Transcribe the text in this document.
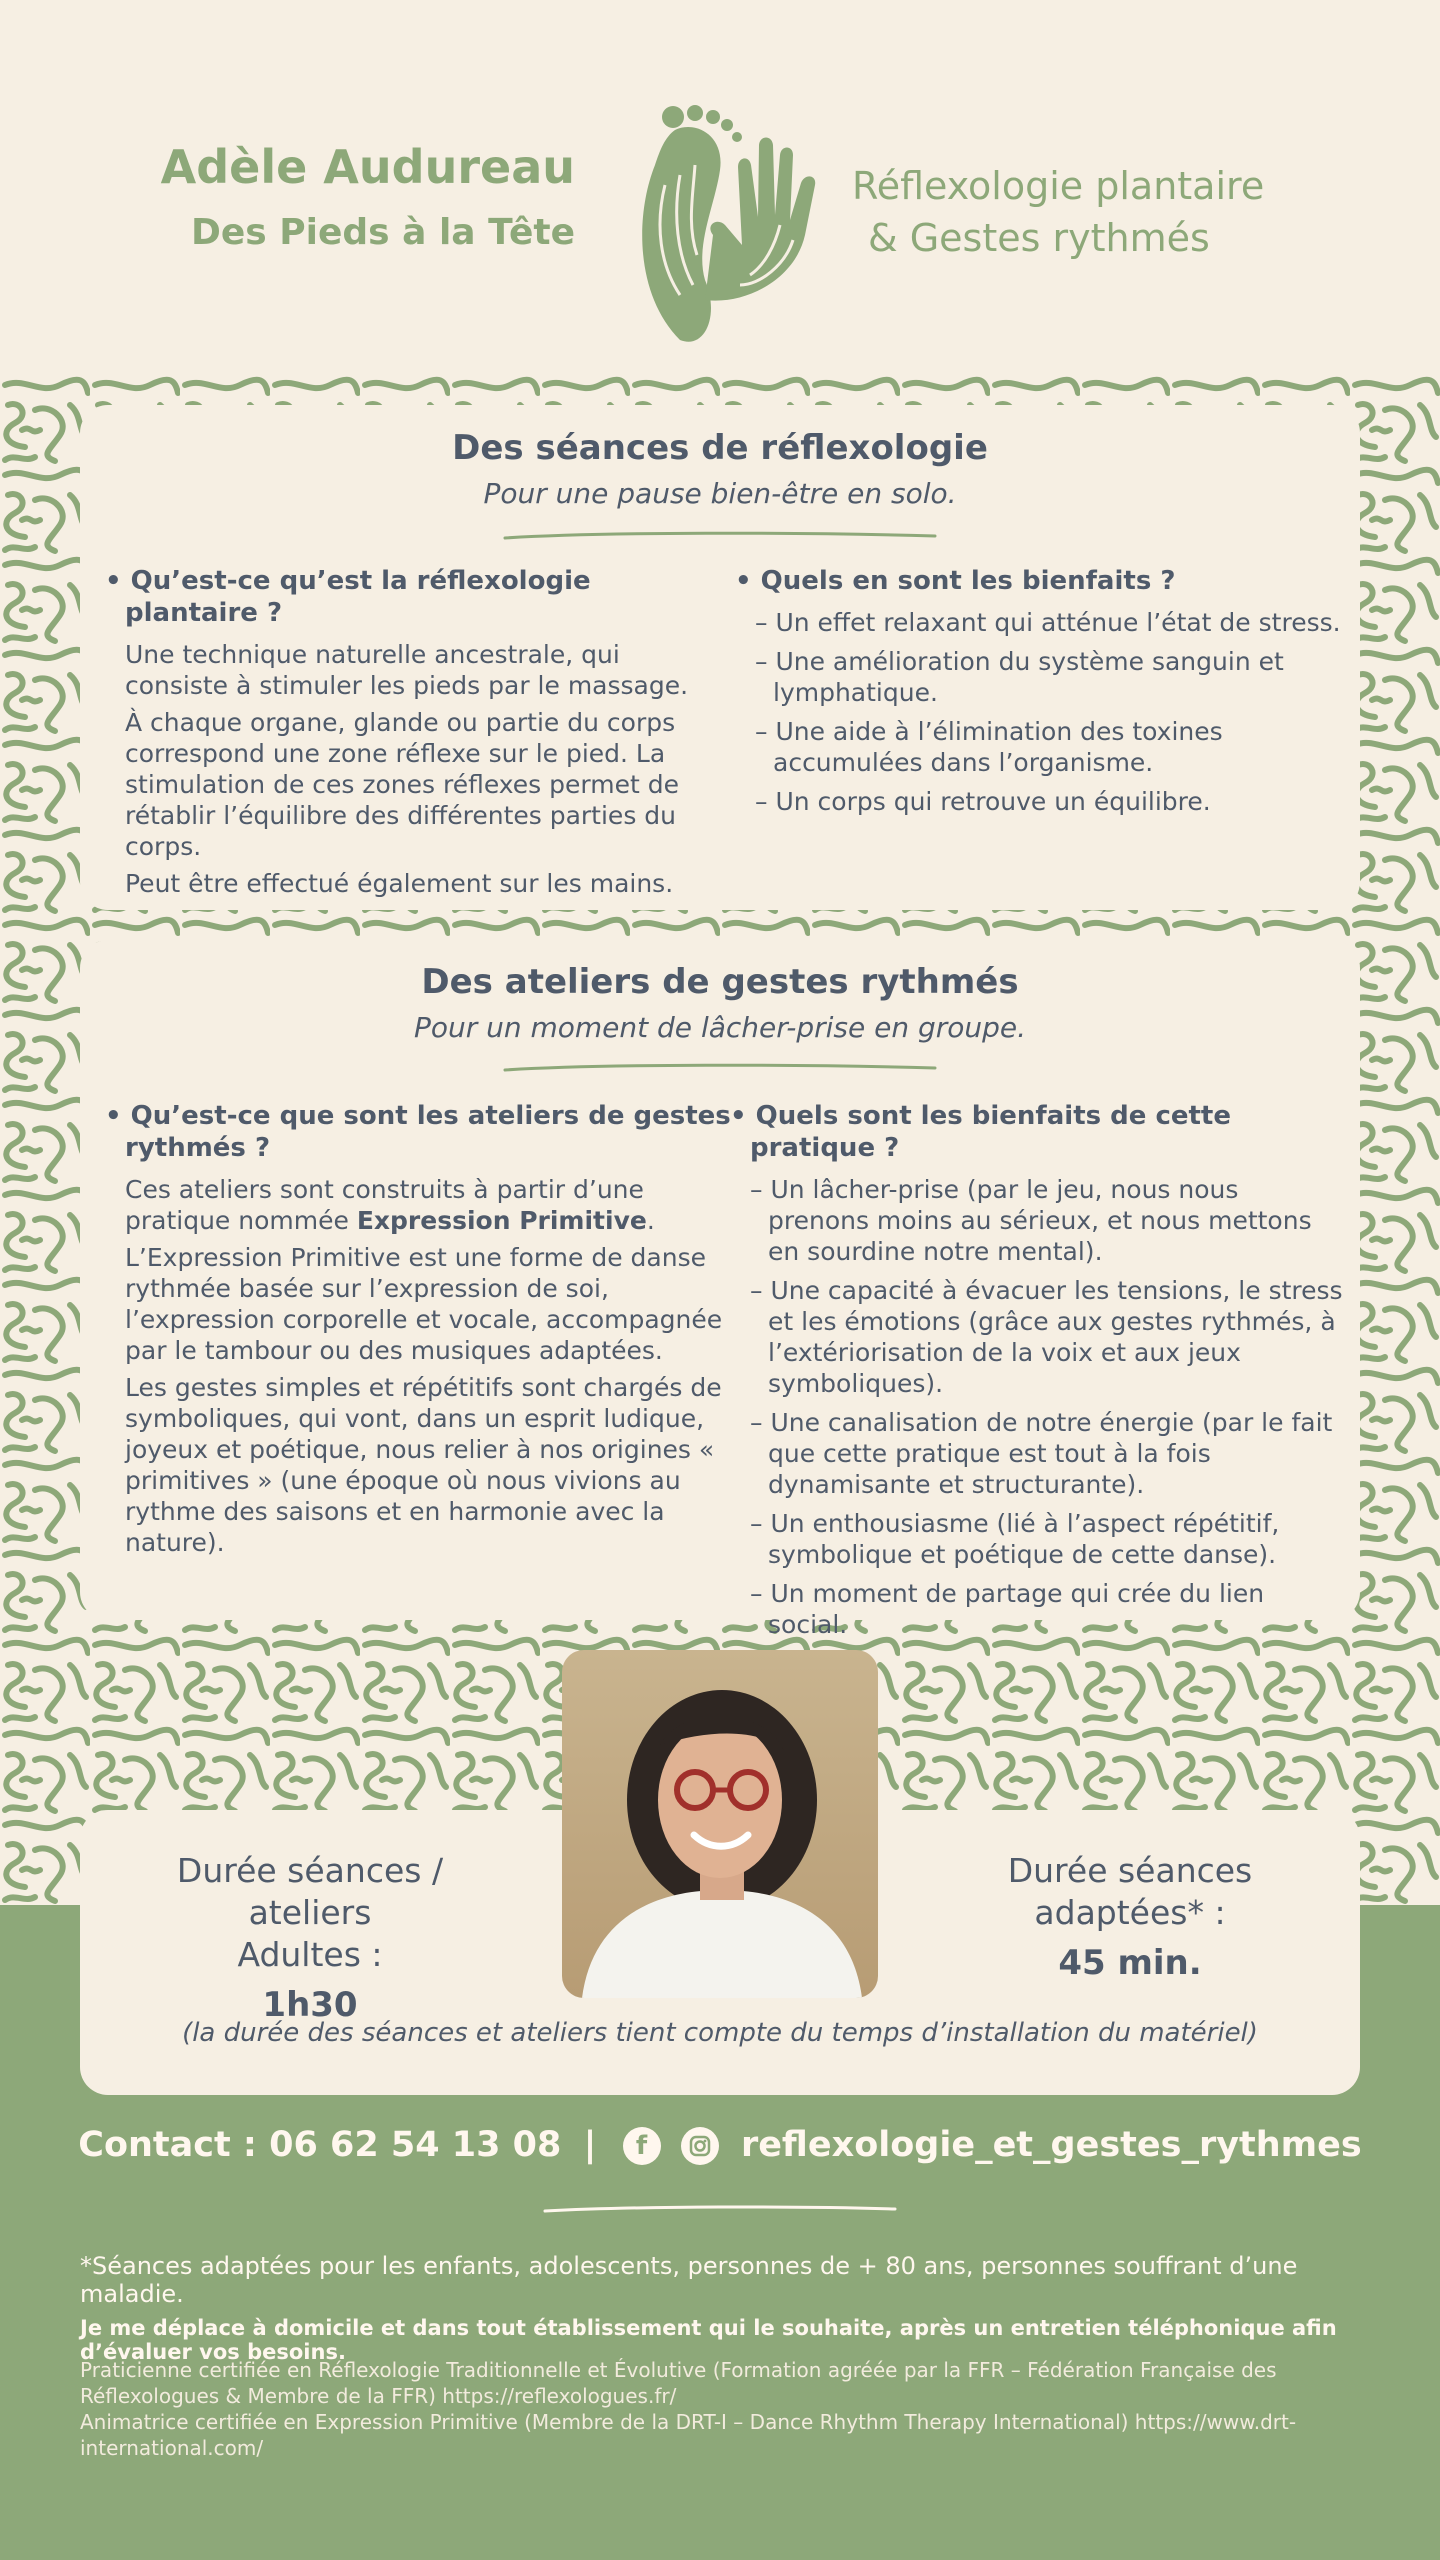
Adèle Audureau
Des Pieds à la Tête
Réflexologie plantaire
& Gestes rythmés
Des séances de réflexologie
Pour une pause bien-être en solo.
• Qu’est-ce qu’est la réflexologie plantaire ?
Une technique naturelle ancestrale, qui consiste à stimuler les pieds par le massage.
À chaque organe, glande ou partie du corps correspond une zone réflexe sur le pied. La stimulation de ces zones réflexes permet de rétablir l’équilibre des différentes parties du corps.
Peut être effectué également sur les mains.
• Quels en sont les bienfaits ?
– Un effet relaxant qui atténue l’état de stress.
– Une amélioration du système sanguin et lymphatique.
– Une aide à l’élimination des toxines accumulées dans l’organisme.
– Un corps qui retrouve un équilibre.
Des ateliers de gestes rythmés
Pour un moment de lâcher-prise en groupe.
• Qu’est-ce que sont les ateliers de gestes rythmés ?
Ces ateliers sont construits à partir d’une pratique nommée Expression Primitive.
L’Expression Primitive est une forme de danse rythmée basée sur l’expression de soi, l’expression corporelle et vocale, accompagnée par le tambour ou des musiques adaptées.
Les gestes simples et répétitifs sont chargés de symboliques, qui vont, dans un esprit ludique, joyeux et poétique, nous relier à nos origines « primitives » (une époque où nous vivions au rythme des saisons et en harmonie avec la nature).
• Quels sont les bienfaits de cette pratique ?
– Un lâcher-prise (par le jeu, nous nous prenons moins au sérieux, et nous mettons en sourdine notre mental).
– Une capacité à évacuer les tensions, le stress et les émotions (grâce aux gestes rythmés, à l’extériorisation de la voix et aux jeux symboliques).
– Une canalisation de notre énergie (par le fait que cette pratique est tout à la fois dynamisante et structurante).
– Un enthousiasme (lié à l’aspect répétitif, symbolique et poétique de cette danse).
– Un moment de partage qui crée du lien social.
Durée séances / ateliers
Adultes :
1h30
Durée séances
adaptées* :
45 min.
(la durée des séances et ateliers tient compte du temps d’installation du matériel)
Contact : 06 62 54 13 08 | f	reflexologie_et_gestes_rythmes
*Séances adaptées pour les enfants, adolescents, personnes de + 80 ans, personnes souffrant d’une maladie.
Je me déplace à domicile et dans tout établissement qui le souhaite, après un entretien téléphonique afin d’évaluer vos besoins.
Praticienne certifiée en Réflexologie Traditionnelle et Évolutive (Formation agréée par la FFR – Fédération Française des Réflexologues & Membre de la FFR) https://reflexologues.fr/
Animatrice certifiée en Expression Primitive (Membre de la DRT-I – Dance Rhythm Therapy International) https://www.drt-international.com/
